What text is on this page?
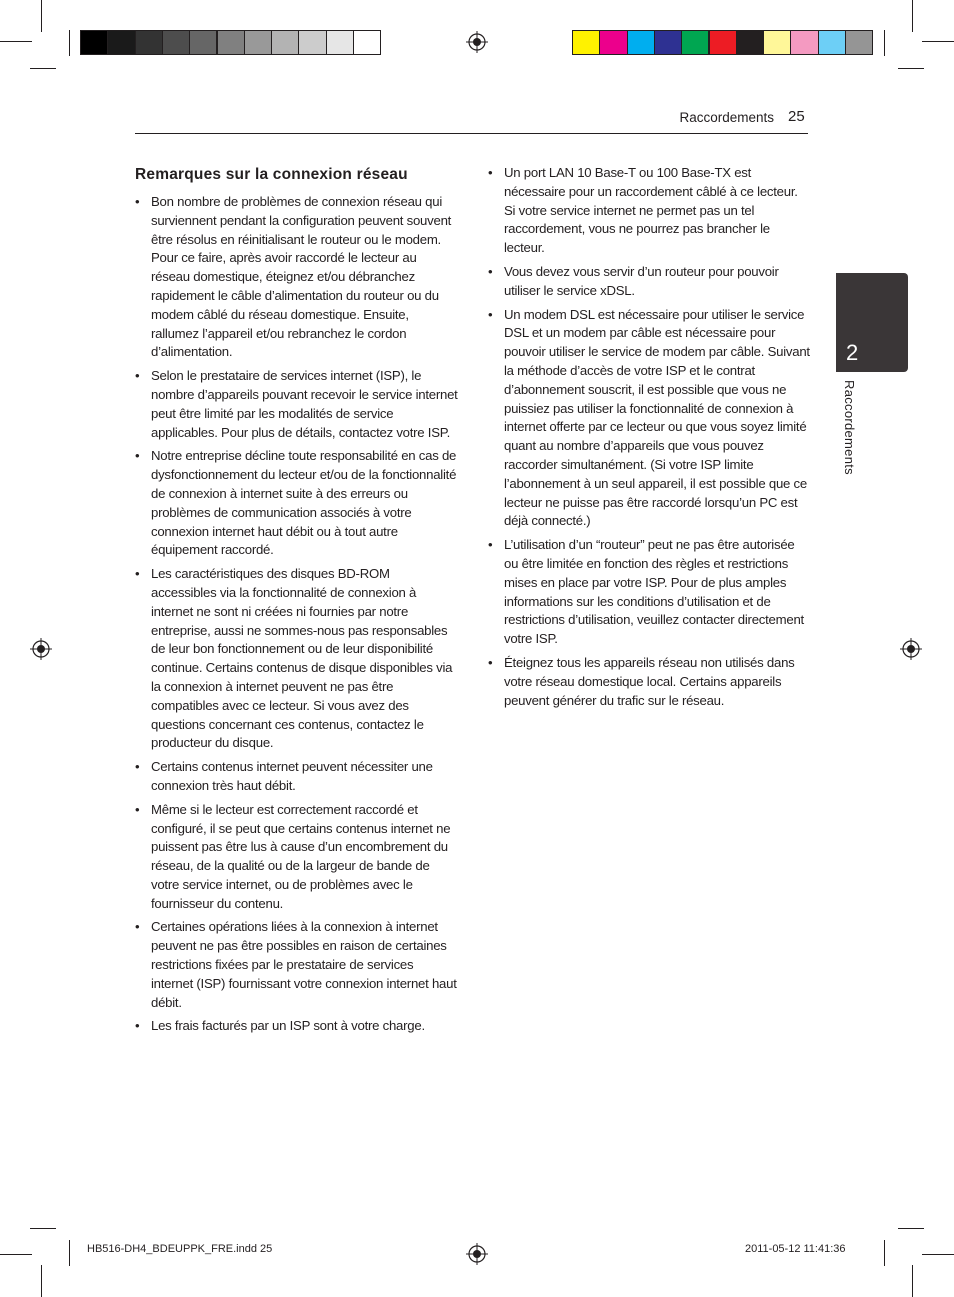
Raccordements 25
2
Raccordements
Remarques sur la connexion réseau
• Bon nombre de problèmes de connexion réseau qui surviennent pendant la configuration peuvent souvent être résolus en réinitialisant le routeur ou le modem. Pour ce faire, après avoir raccordé le lecteur au réseau domestique, éteignez et/ou débranchez rapidement le câble d’alimentation du routeur ou du modem câblé du réseau domestique. Ensuite, rallumez l’appareil et/ou rebranchez le cordon d’alimentation.
• Selon le prestataire de services internet (ISP), le nombre d’appareils pouvant recevoir le service internet peut être limité par les modalités de service applicables. Pour plus de détails, contactez votre ISP.
• Notre entreprise décline toute responsabilité en cas de dysfonctionnement du lecteur et/ou de la fonctionnalité de connexion à internet suite à des erreurs ou problèmes de communication associés à votre connexion internet haut débit ou à tout autre équipement raccordé.
• Les caractéristiques des disques BD-ROM accessibles via la fonctionnalité de connexion à internet ne sont ni créées ni fournies par notre entreprise, aussi ne sommes-nous pas responsables de leur bon fonctionnement ou de leur disponibilité continue. Certains contenus de disque disponibles via la connexion à internet peuvent ne pas être compatibles avec ce lecteur. Si vous avez des questions concernant ces contenus, contactez le producteur du disque.
• Certains contenus internet peuvent nécessiter une connexion très haut débit.
• Même si le lecteur est correctement raccordé et configuré, il se peut que certains contenus internet ne puissent pas être lus à cause d’un encombrement du réseau, de la qualité ou de la largeur de bande de votre service internet, ou de problèmes avec le fournisseur du contenu.
• Certaines opérations liées à la connexion à internet peuvent ne pas être possibles en raison de certaines restrictions fixées par le prestataire de services internet (ISP) fournissant votre connexion internet haut débit.
• Les frais facturés par un ISP sont à votre charge.
• Un port LAN 10 Base-T ou 100 Base-TX est nécessaire pour un raccordement câblé à ce lecteur. Si votre service internet ne permet pas un tel raccordement, vous ne pourrez pas brancher le lecteur.
• Vous devez vous servir d’un routeur pour pouvoir utiliser le service xDSL.
• Un modem DSL est nécessaire pour utiliser le service DSL et un modem par câble est nécessaire pour pouvoir utiliser le service de modem par câble. Suivant la méthode d’accès de votre ISP et le contrat d’abonnement souscrit, il est possible que vous ne puissiez pas utiliser la fonctionnalité de connexion à internet offerte par ce lecteur ou que vous soyez limité quant au nombre d’appareils que vous pouvez raccorder simultanément. (Si votre ISP limite l’abonnement à un seul appareil, il est possible que ce lecteur ne puisse pas être raccordé lorsqu’un PC est déjà connecté.)
• L’utilisation d’un “routeur” peut ne pas être autorisée ou être limitée en fonction des règles et restrictions mises en place par votre ISP. Pour de plus amples informations sur les conditions d’utilisation et de restrictions d’utilisation, veuillez contacter directement votre ISP.
• Éteignez tous les appareils réseau non utilisés dans votre réseau domestique local. Certains appareils peuvent générer du trafic sur le réseau.
HB516-DH4_BDEUPPK_FRE.indd 25	2011-05-12 11:41:36
